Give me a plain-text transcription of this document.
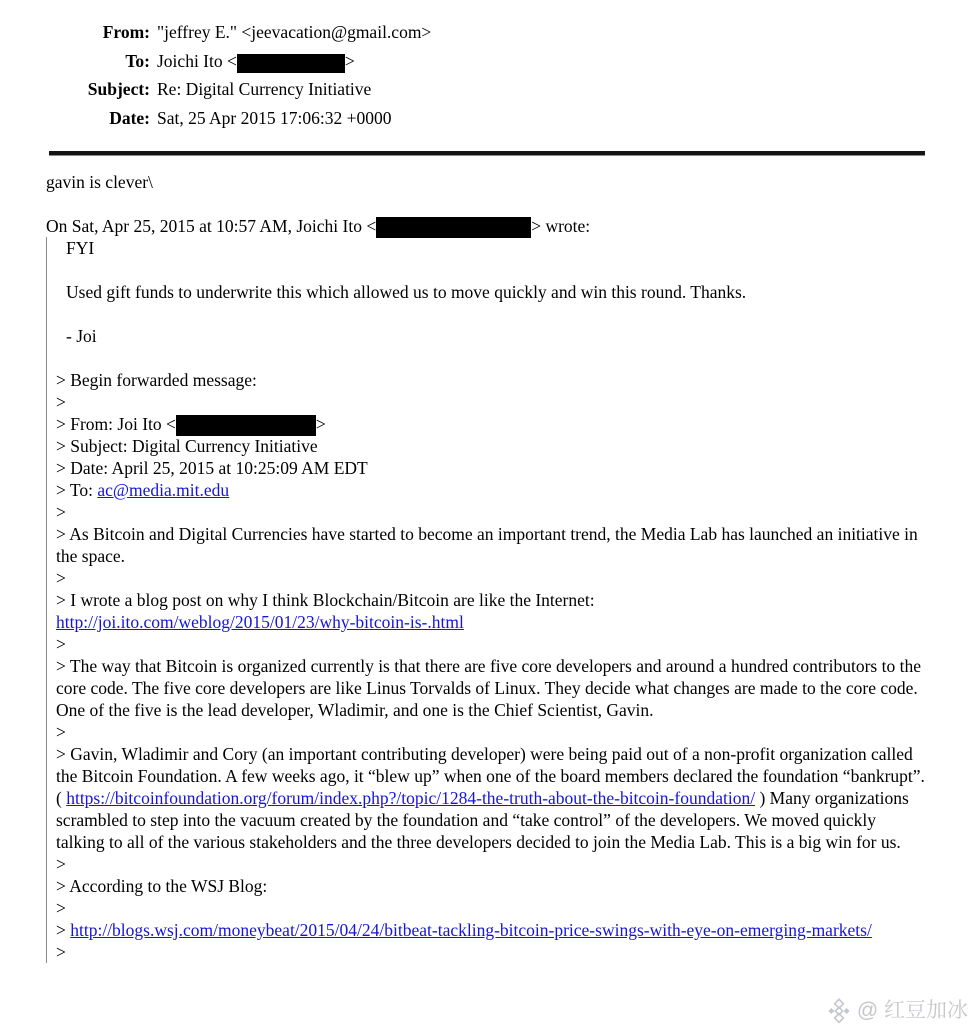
From: "jeffrey E." <jeevacation@gmail.com>
To: Joichi Ito <	>
Subject: Re: Digital Currency Initiative
Date: Sat, 25 Apr 2015 17:06:32 +0000
gavin is clever\

On Sat, Apr 25, 2015 at 10:57 AM, Joichi Ito <	> wrote:
FYI

Used gift funds to underwrite this which allowed us to move quickly and win this round. Thanks.

- Joi

> Begin forwarded message:
>
> From: Joi Ito <	>
> Subject: Digital Currency Initiative
> Date: April 25, 2015 at 10:25:09 AM EDT
> To: ac@media.mit.edu
>
> As Bitcoin and Digital Currencies have started to become an important trend, the Media Lab has launched an initiative in the space.
>
> I wrote a blog post on why I think Blockchain/Bitcoin are like the Internet:
http://joi.ito.com/weblog/2015/01/23/why-bitcoin-is-.html
>
> The way that Bitcoin is organized currently is that there are five core developers and around a hundred contributors to the core code. The five core developers are like Linus Torvalds of Linux. They decide what changes are made to the core code. One of the five is the lead developer, Wladimir, and one is the Chief Scientist, Gavin.
>
> Gavin, Wladimir and Cory (an important contributing developer) were being paid out of a non-profit organization called the Bitcoin Foundation. A few weeks ago, it “blew up” when one of the board members declared the foundation “bankrupt”. ( https://bitcoinfoundation.org/forum/index.php?/topic/1284-the-truth-about-the-bitcoin-foundation/ ) Many organizations scrambled to step into the vacuum created by the foundation and “take control” of the developers. We moved quickly talking to all of the various stakeholders and the three developers decided to join the Media Lab. This is a big win for us.
>
> According to the WSJ Blog:
>
> http://blogs.wsj.com/moneybeat/2015/04/24/bitbeat-tackling-bitcoin-price-swings-with-eye-on-emerging-markets/
>
@ 红豆加冰
